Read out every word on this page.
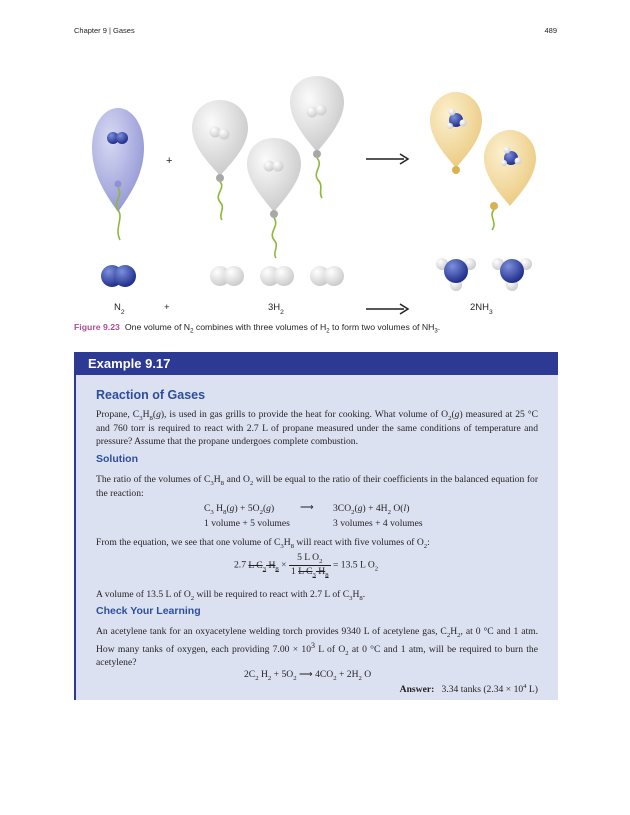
Chapter 9 | Gases	489
+
$N_2$	+	$3H_2$	$2NH_3$
Figure 9.23 One volume of $N_2$ combines with three volumes of $H_2$ to form two volumes of $NH_3$.
Example 9.17
Reaction of Gases
Propane, $C_3H_8(g)$, is used in gas grills to provide the heat for cooking. What volume of $O_2(g)$ measured at 25 °C and 760 torr is required to react with 2.7 L of propane measured under the same conditions of temperature and pressure? Assume that the propane undergoes complete combustion.
Solution
The ratio of the volumes of $C_3H_8$ and $O_2$ will be equal to the ratio of their coefficients in the balanced equation for the reaction:
$C_3$ $H_8(g) + 5O_2(g)$	⟶ $3CO_2(g) + 4H_2$ O(l)
1 volume + 5 volumes	3 volumes + 4 volumes
From the equation, we see that one volume of $C_3H_8$ will react with five volumes of $O_2$:
2.7 L $C_3$ $H_8 \times \frac{5 L O_2}{1 L C_3 H_8} = 13.5$ L $O_2$
A volume of 13.5 L of $O_2$ will be required to react with 2.7 L of $C_3H_8$.
Check Your Learning
An acetylene tank for an oxyacetylene welding torch provides 9340 L of acetylene gas, $C_2H_2$, at 0 °C and 1 atm. How many tanks of oxygen, each providing $7.00 \times 10^3$ L of $O_2$ at 0 °C and 1 atm, will be required to burn the acetylene?
$2C_2$ $H_2 + 5O_2$ ⟶ $4CO_2 + 2H_2$ O
Answer: 3.34 tanks ($2.34 \times 10^4$ L)
